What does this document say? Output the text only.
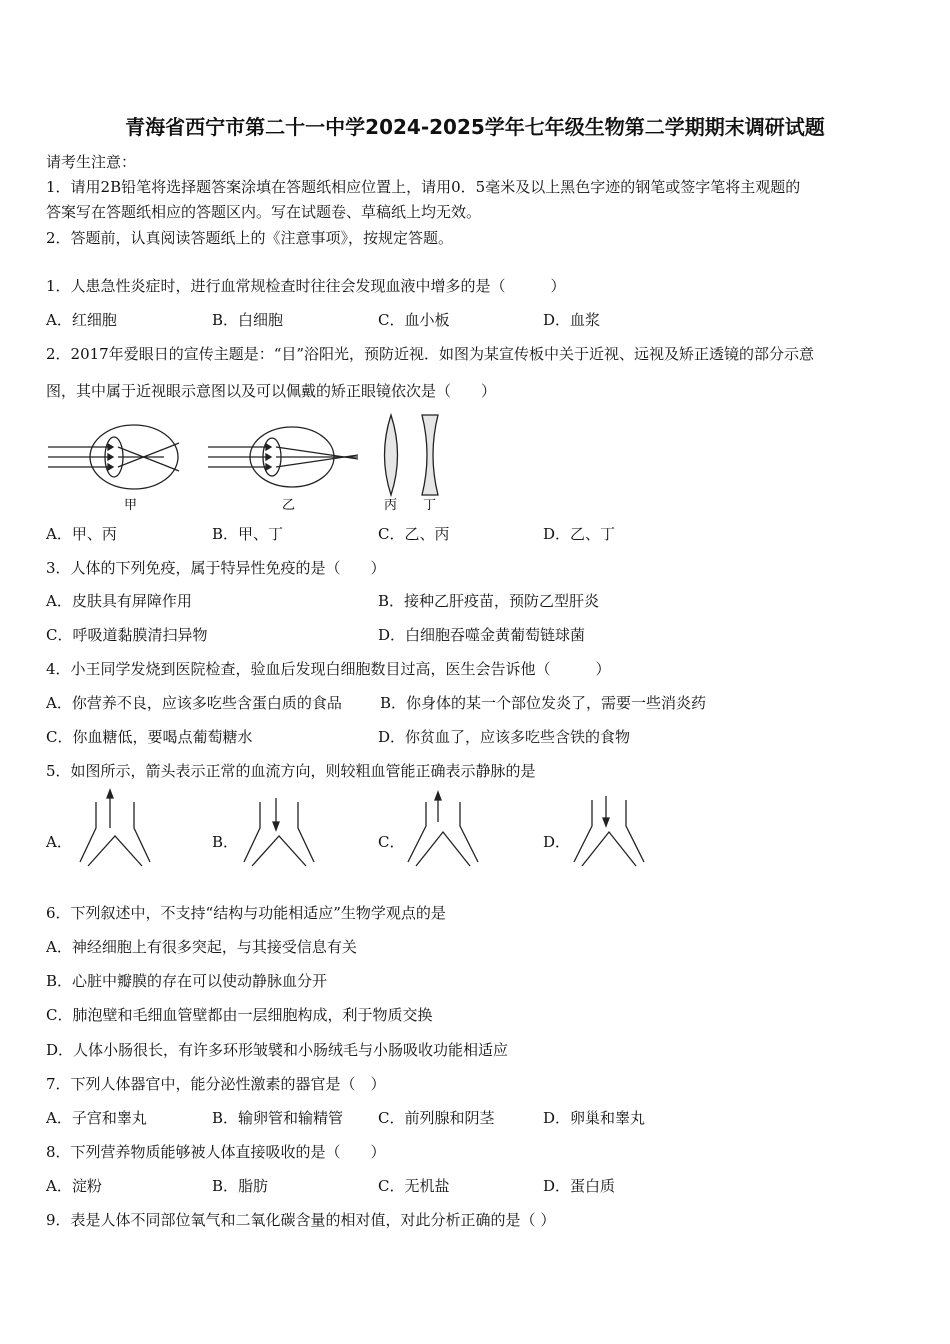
青海省西宁市第二十一中学2024-2025学年七年级生物第二学期期末调研试题
请考生注意：
1．请用2B铅笔将选择题答案涂填在答题纸相应位置上，请用0．5毫米及以上黑色字迹的钢笔或签字笔将主观题的
答案写在答题纸相应的答题区内。写在试题卷、草稿纸上均无效。
2．答题前，认真阅读答题纸上的《注意事项》，按规定答题。
1．人患急性炎症时，进行血常规检查时往往会发现血液中增多的是（　　　）
A．红细胞	B．白细胞	C．血小板	D．血浆
2．2017年爱眼日的宣传主题是：“目”浴阳光，预防近视．如图为某宣传板中关于近视、远视及矫正透镜的部分示意
图，其中属于近视眼示意图以及可以佩戴的矫正眼镜依次是（　　）
甲	乙	丙 丁
A．甲、丙	B．甲、丁	C．乙、丙	D．乙、丁
3．人体的下列免疫，属于特异性免疫的是（　　）
A．皮肤具有屏障作用	B．接种乙肝疫苗，预防乙型肝炎
C．呼吸道黏膜清扫异物	D．白细胞吞噬金黄葡萄链球菌
4．小王同学发烧到医院检查，验血后发现白细胞数目过高，医生会告诉他（　　　）
A．你营养不良，应该多吃些含蛋白质的食品	B．你身体的某一个部位发炎了，需要一些消炎药
C．你血糖低，要喝点葡萄糖水	D．你贫血了，应该多吃些含铁的食物
5．如图所示，箭头表示正常的血流方向，则较粗血管能正确表示静脉的是
A．	B．	C．	D．
6．下列叙述中，不支持“结构与功能相适应”生物学观点的是
A．神经细胞上有很多突起，与其接受信息有关
B．心脏中瓣膜的存在可以使动静脉血分开
C．肺泡壁和毛细血管壁都由一层细胞构成，利于物质交换
D．人体小肠很长，有许多环形皱襞和小肠绒毛与小肠吸收功能相适应
7．下列人体器官中，能分泌性激素的器官是（　）
A．子宫和睾丸	B．输卵管和输精管 C．前列腺和阴茎	D．卵巢和睾丸
8．下列营养物质能够被人体直接吸收的是（　　）
A．淀粉	B．脂肪	C．无机盐	D．蛋白质
9．表是人体不同部位氧气和二氧化碳含量的相对值，对此分析正确的是（ ）
